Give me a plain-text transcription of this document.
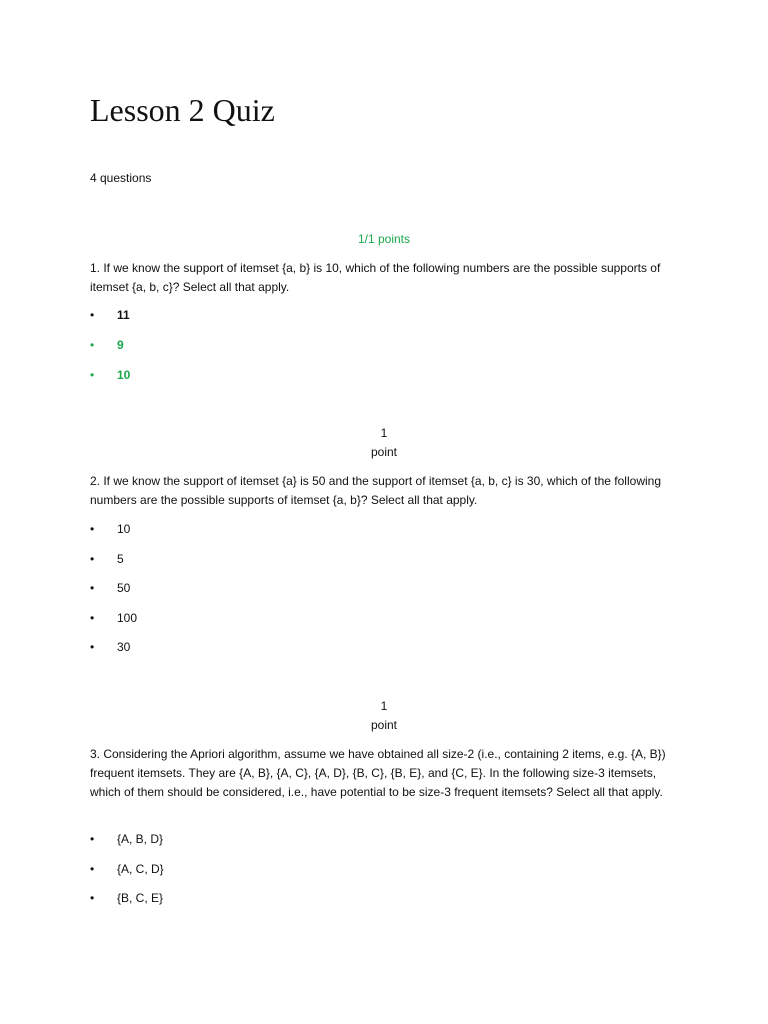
Lesson 2 Quiz
4 questions
1/1 points
1. If we know the support of itemset {a, b} is 10, which of the following numbers are the possible supports of itemset {a, b, c}? Select all that apply.
•	11
•	9
•	10
1
point
2. If we know the support of itemset {a} is 50 and the support of itemset {a, b, c} is 30, which of the following numbers are the possible supports of itemset {a, b}? Select all that apply.
•	10
•	5
•	50
•	100
•	30
1
point
3. Considering the Apriori algorithm, assume we have obtained all size-2 (i.e., containing 2 items, e.g. {A, B}) frequent itemsets. They are {A, B}, {A, C}, {A, D}, {B, C}, {B, E}, and {C, E}. In the following size-3 itemsets, which of them should be considered, i.e., have potential to be size-3 frequent itemsets? Select all that apply.
•	{A, B, D}
•	{A, C, D}
•	{B, C, E}
